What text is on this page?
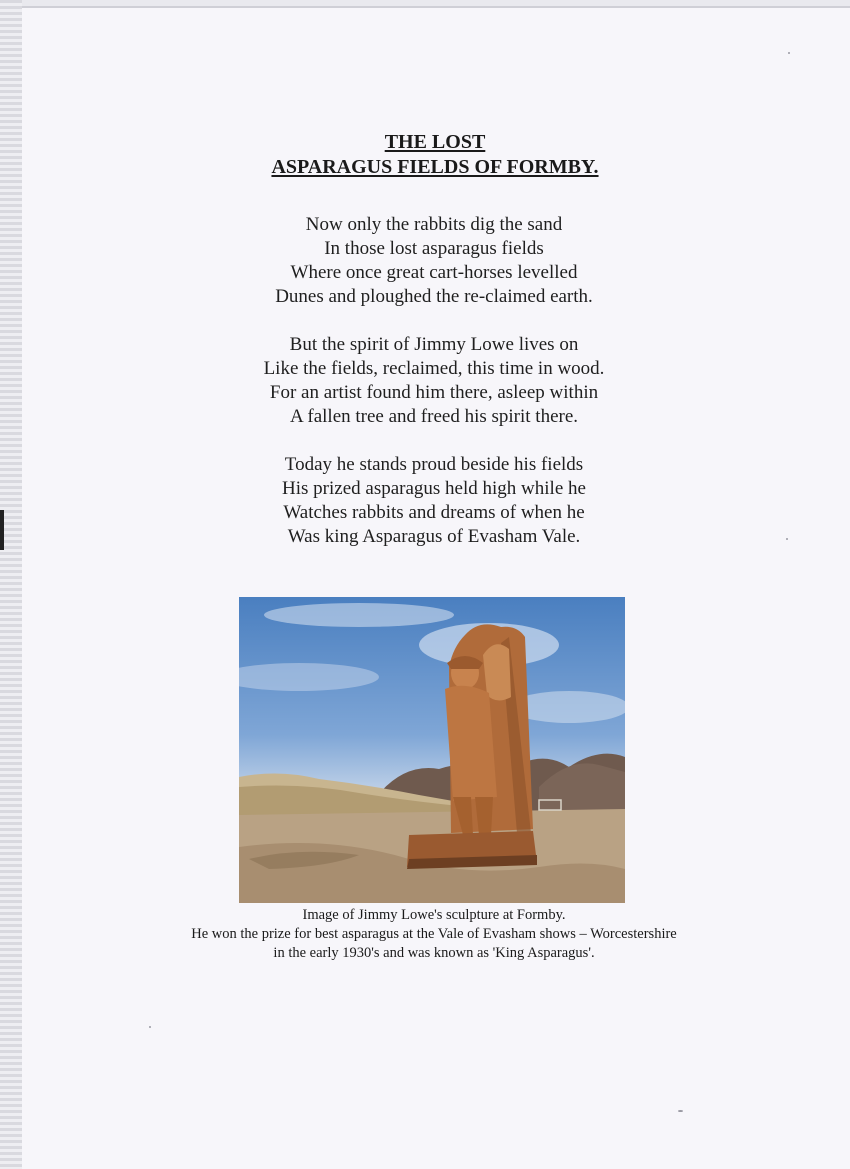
THE LOST
ASPARAGUS FIELDS OF FORMBY.
Now only the rabbits dig the sand
In those lost asparagus fields
Where once great cart-horses levelled
Dunes and ploughed the re-claimed earth.
But the spirit of Jimmy Lowe lives on
Like the fields, reclaimed, this time in wood.
For an artist found him there, asleep within
A fallen tree and freed his spirit there.
Today he stands proud beside his fields
His prized asparagus held high while he
Watches rabbits and dreams of when he
Was king Asparagus of Evasham Vale.
Image of Jimmy Lowe's sculpture at Formby.
He won the prize for best asparagus at the Vale of Evasham shows – Worcestershire
in the early 1930's and was known as 'King Asparagus'.
